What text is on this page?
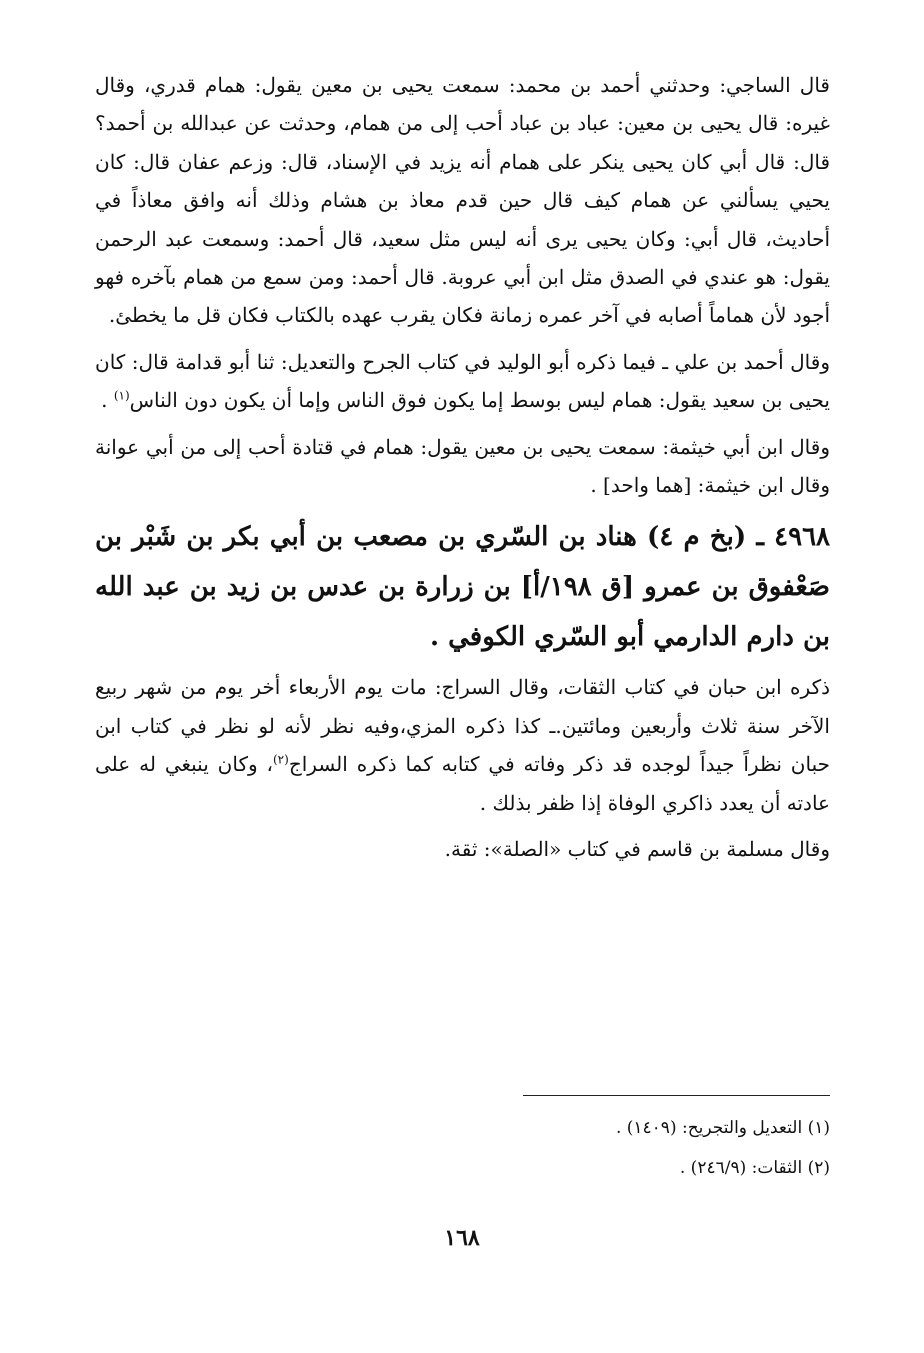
قال الساجي: وحدثني أحمد بن محمد: سمعت يحيى بن معين يقول: همام قدري، وقال غيره: قال يحيى بن معين: عباد بن عباد أحب إلى من همام، وحدثت عن عبدالله بن أحمد؟ قال: قال أبي كان يحيى ينكر على همام أنه يزيد في الإسناد، قال: وزعم عفان قال: كان يحيي يسألني عن همام كيف قال حين قدم معاذ بن هشام وذلك أنه وافق معاذاً في أحاديث، قال أبي: وكان يحيى يرى أنه ليس مثل سعيد، قال أحمد: وسمعت عبد الرحمن يقول: هو عندي في الصدق مثل ابن أبي عروبة. قال أحمد: ومن سمع من همام بآخره فهو أجود لأن هماماً أصابه في آخر عمره زمانة فكان يقرب عهده بالكتاب فكان قل ما يخطئ.

وقال أحمد بن علي ـ فيما ذكره أبو الوليد في كتاب الجرح والتعديل: ثنا أبو قدامة قال: كان يحيى بن سعيد يقول: همام ليس بوسط إما يكون فوق الناس وإما أن يكون دون الناس$^{(١)}$ .

وقال ابن أبي خيثمة: سمعت يحيى بن معين يقول: همام في قتادة أحب إلى من أبي عوانة وقال ابن خيثمة: [هما واحد] .

٤٩٦٨ ـ (بخ م ٤) هناد بن السّري بن مصعب بن أبي بكر بن شَبْر بن صَعْفوق بن عمرو [ق ١٩٨/أ] بن زرارة بن عدس بن زيد بن عبد الله بن دارم الدارمي أبو السّري الكوفي .

ذكره ابن حبان في كتاب الثقات، وقال السراج: مات يوم الأربعاء أخر يوم من شهر ربيع الآخر سنة ثلاث وأربعين ومائتين.ـ كذا ذكره المزي،وفيه نظر لأنه لو نظر في كتاب ابن حبان نظراً جيداً لوجده قد ذكر وفاته في كتابه كما ذكره السراج$^{(٢)}$، وكان ينبغي له على عادته أن يعدد ذاكري الوفاة إذا ظفر بذلك .

وقال مسلمة بن قاسم في كتاب «الصلة»: ثقة.

(١) التعديل والتجريح: (١٤٠٩) .
(٢) الثقات: (٢٤٦/٩) .
١٦٨
